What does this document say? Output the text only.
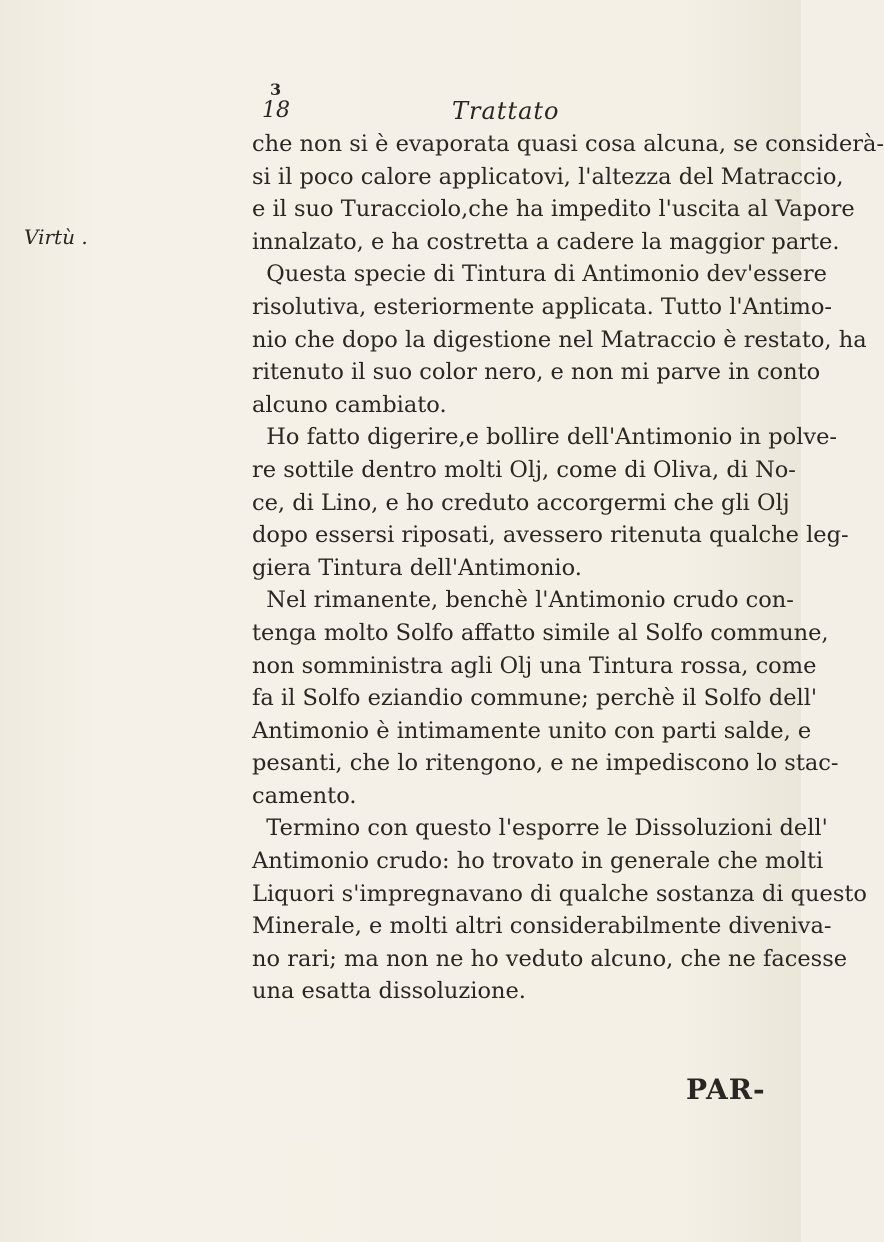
3
18	Trattato
Virtù .
che non si è evaporata quasi cosa alcuna, se considerà-
si il poco calore applicatovi, l'altezza del Matraccio,
e il suo Turacciolo,che ha impedito l'uscita al Vapore
innalzato, e ha costretta a cadere la maggior parte.
Questa specie di Tintura di Antimonio dev'essere
risolutiva, esteriormente applicata. Tutto l'Antimo-
nio che dopo la digestione nel Matraccio è restato, ha
ritenuto il suo color nero, e non mi parve in conto
alcuno cambiato.
Ho fatto digerire,e bollire dell'Antimonio in polve-
re sottile dentro molti Olj, come di Oliva, di No-
ce, di Lino, e ho creduto accorgermi che gli Olj
dopo essersi riposati, avessero ritenuta qualche leg-
giera Tintura dell'Antimonio.
Nel rimanente, benchè l'Antimonio crudo con-
tenga molto Solfo affatto simile al Solfo commune,
non somministra agli Olj una Tintura rossa, come
fa il Solfo eziandio commune; perchè il Solfo dell'
Antimonio è intimamente unito con parti salde, e
pesanti, che lo ritengono, e ne impediscono lo stac-
camento.
Termino con questo l'esporre le Dissoluzioni dell'
Antimonio crudo: ho trovato in generale che molti
Liquori s'impregnavano di qualche sostanza di questo
Minerale, e molti altri considerabilmente diveniva-
no rari; ma non ne ho veduto alcuno, che ne facesse
una esatta dissoluzione.
PAR-
